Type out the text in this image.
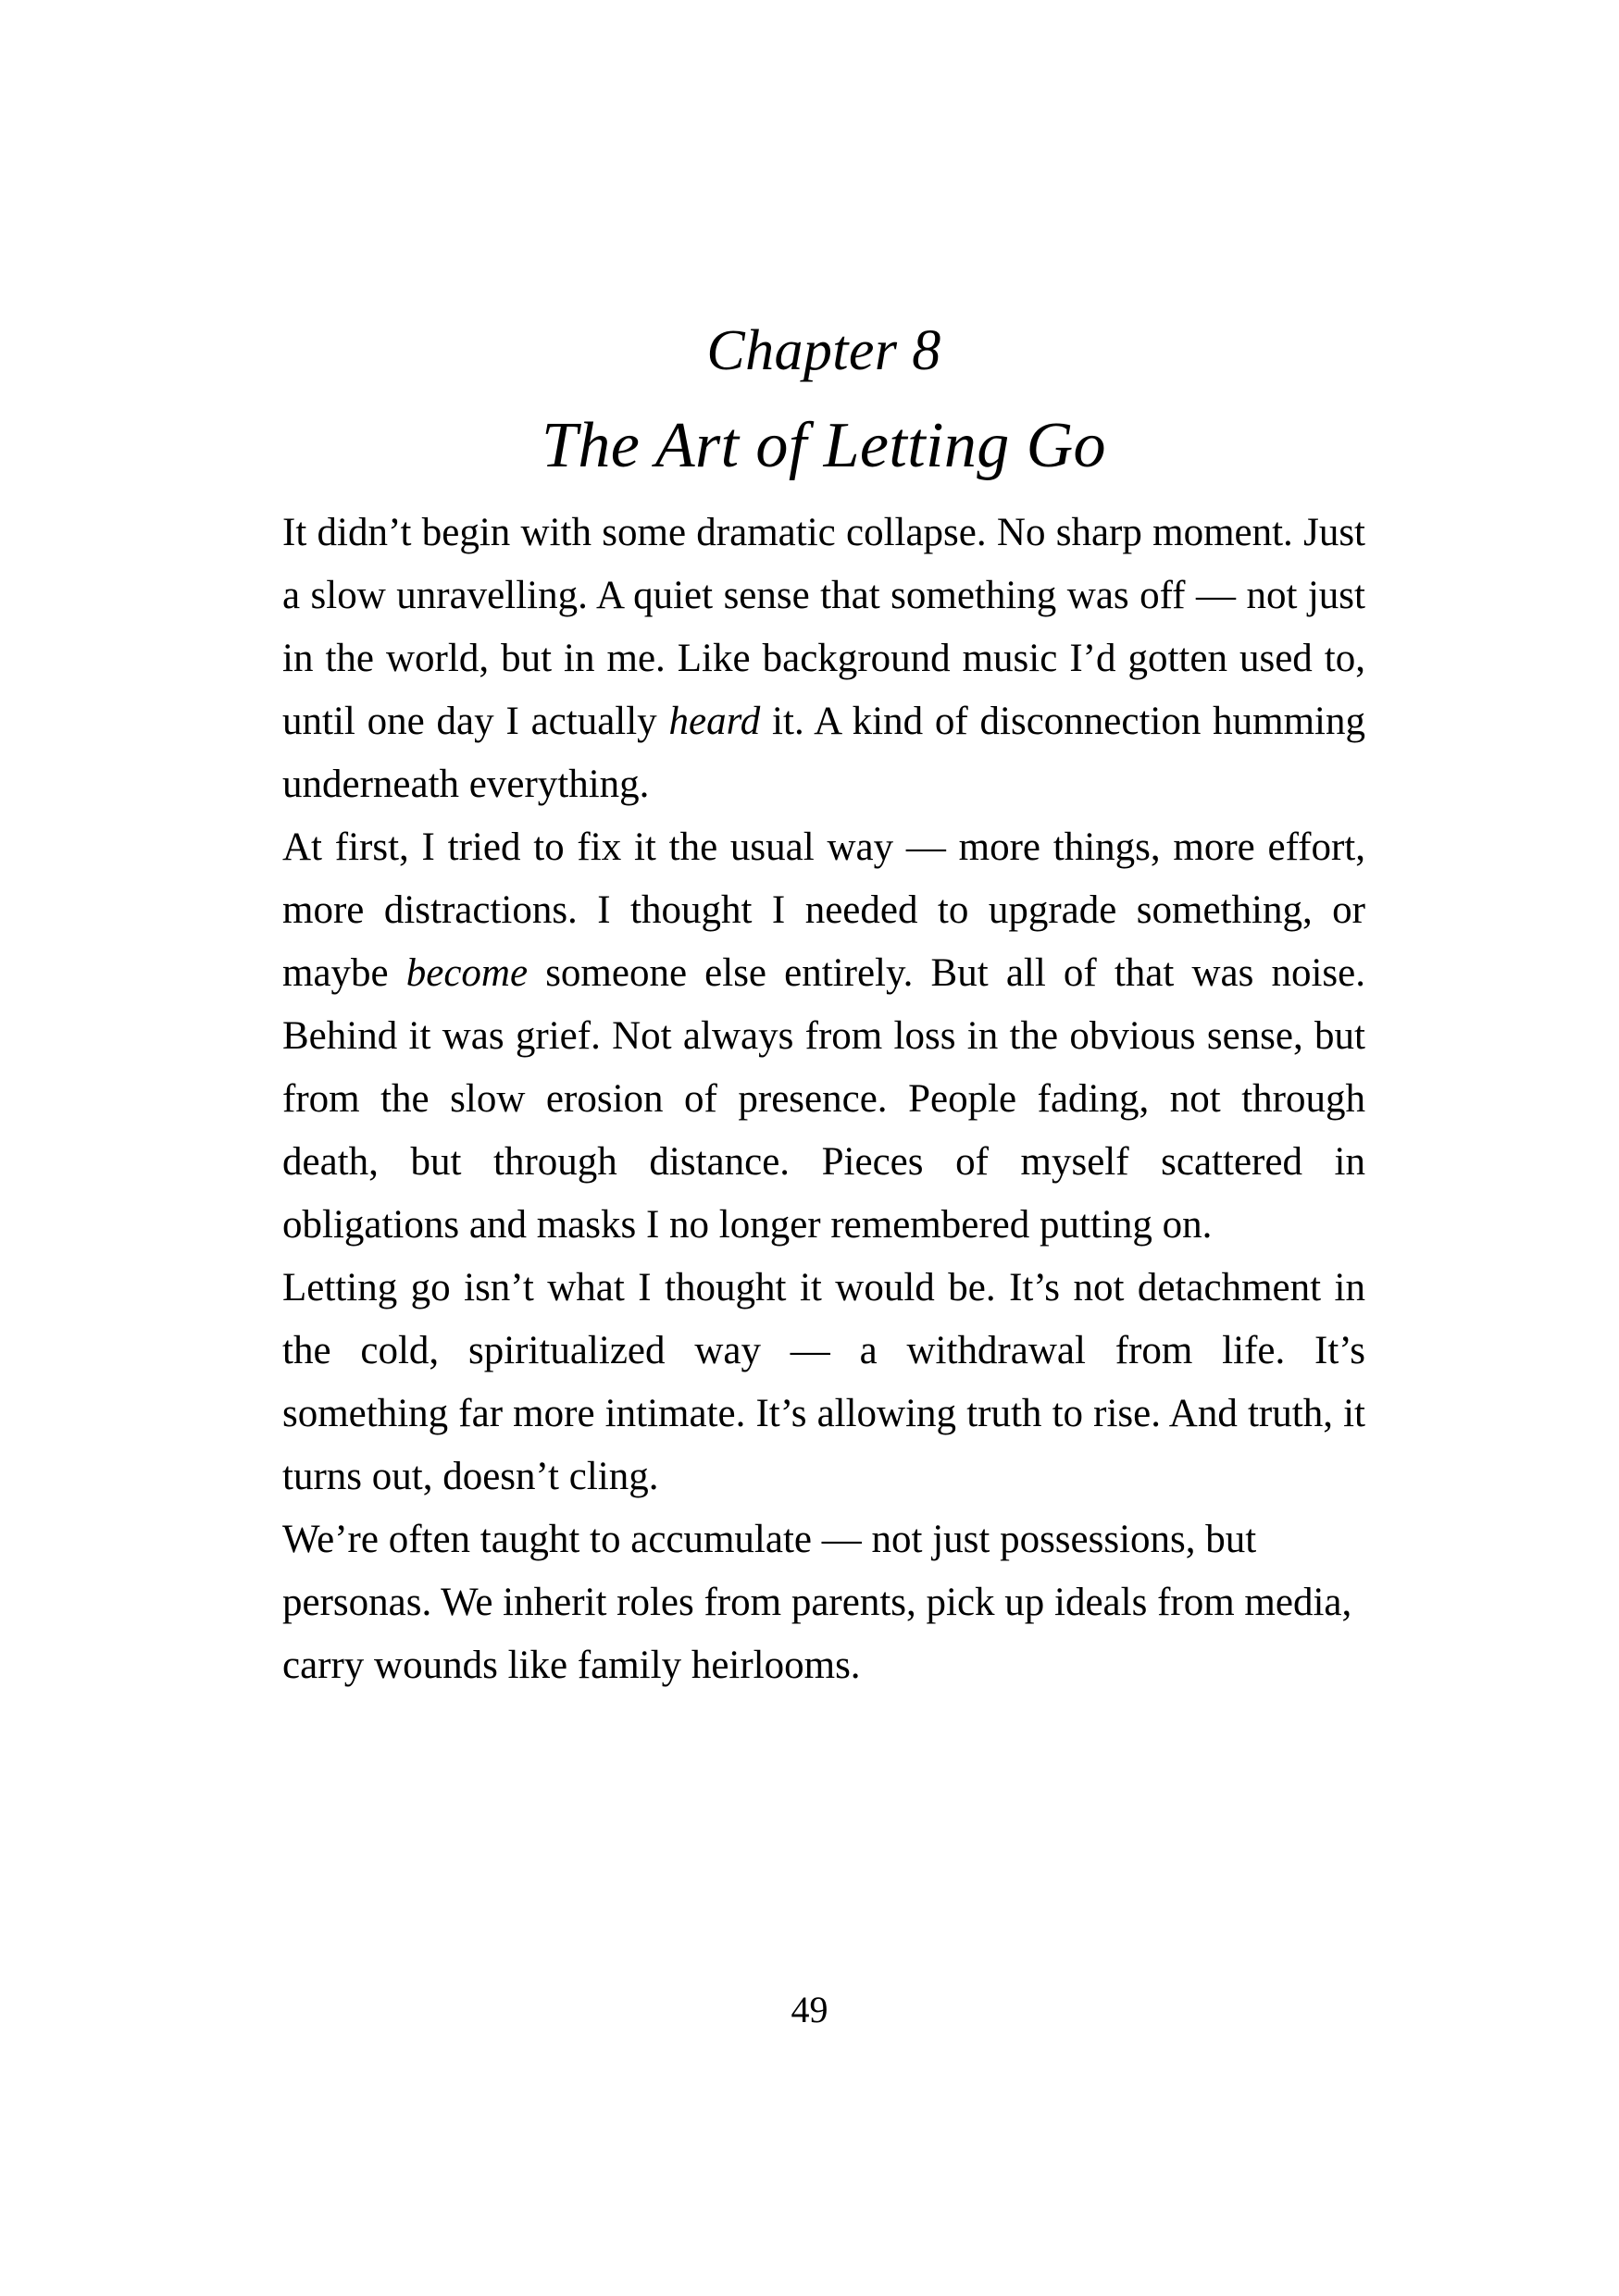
Chapter 8
The Art of Letting Go

It didn’t begin with some dramatic collapse. No sharp moment. Just a slow unravelling. A quiet sense that something was off — not just in the world, but in me. Like background music I’d gotten used to, until one day I actually heard it. A kind of disconnection humming underneath everything.

At first, I tried to fix it the usual way — more things, more effort, more distractions. I thought I needed to upgrade something, or maybe become someone else entirely. But all of that was noise. Behind it was grief. Not always from loss in the obvious sense, but from the slow erosion of presence. People fading, not through death, but through distance. Pieces of myself scattered in obligations and masks I no longer remembered putting on.

Letting go isn’t what I thought it would be. It’s not detachment in the cold, spiritualized way — a withdrawal from life. It’s something far more intimate. It’s allowing truth to rise. And truth, it turns out, doesn’t cling.

We’re often taught to accumulate — not just possessions, but personas. We inherit roles from parents, pick up ideals from media, carry wounds like family heirlooms.

49
